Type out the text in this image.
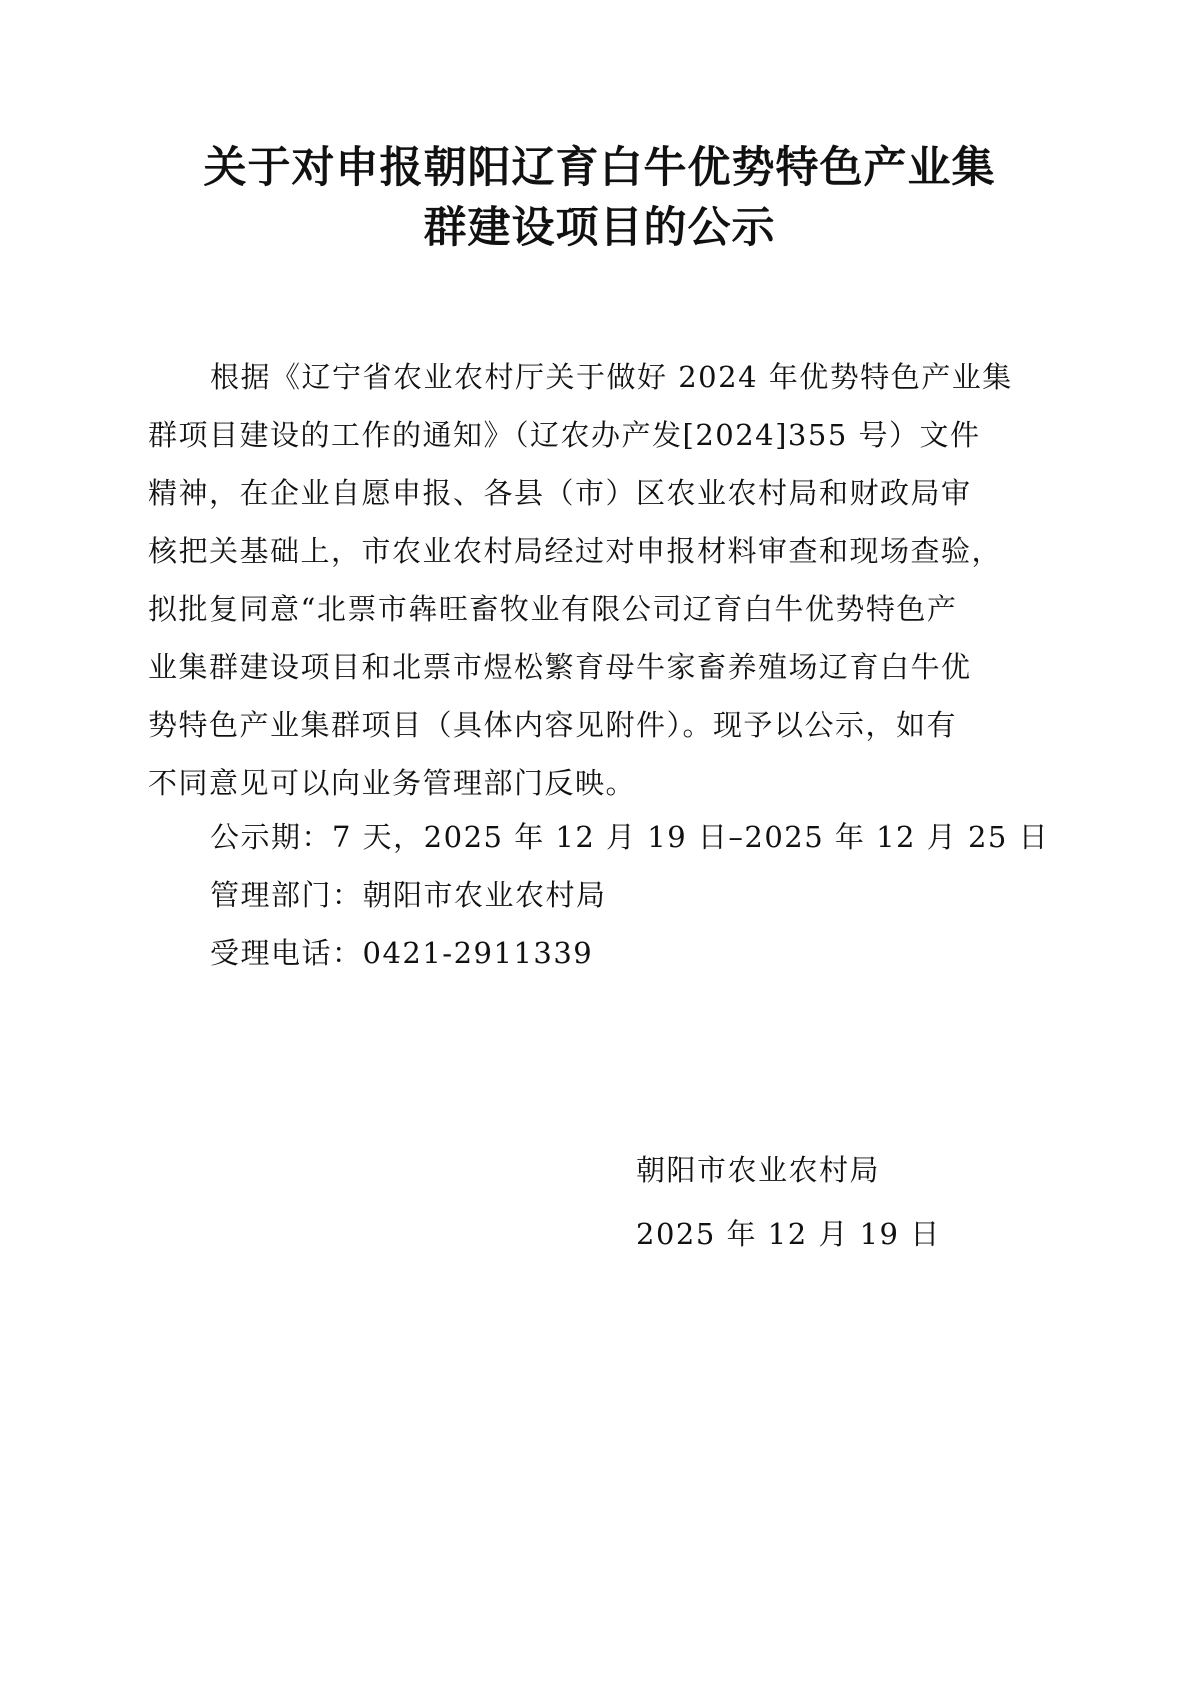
关于对申报朝阳辽育白牛优势特色产业集
群建设项目的公示
根据《辽宁省农业农村厅关于做好 2024 年优势特色产业集
群项目建设的工作的通知》（辽农办产发[2024]355 号）文件
精神，在企业自愿申报、各县（市）区农业农村局和财政局审
核把关基础上，市农业农村局经过对申报材料审查和现场查验，
拟批复同意“北票市犇旺畜牧业有限公司辽育白牛优势特色产
业集群建设项目和北票市煜松繁育母牛家畜养殖场辽育白牛优
势特色产业集群项目（具体内容见附件）。现予以公示，如有
不同意见可以向业务管理部门反映。
公示期：7 天，2025 年 12 月 19 日–2025 年 12 月 25 日
管理部门：朝阳市农业农村局
受理电话：0421-2911339
朝阳市农业农村局
2025 年 12 月 19 日
